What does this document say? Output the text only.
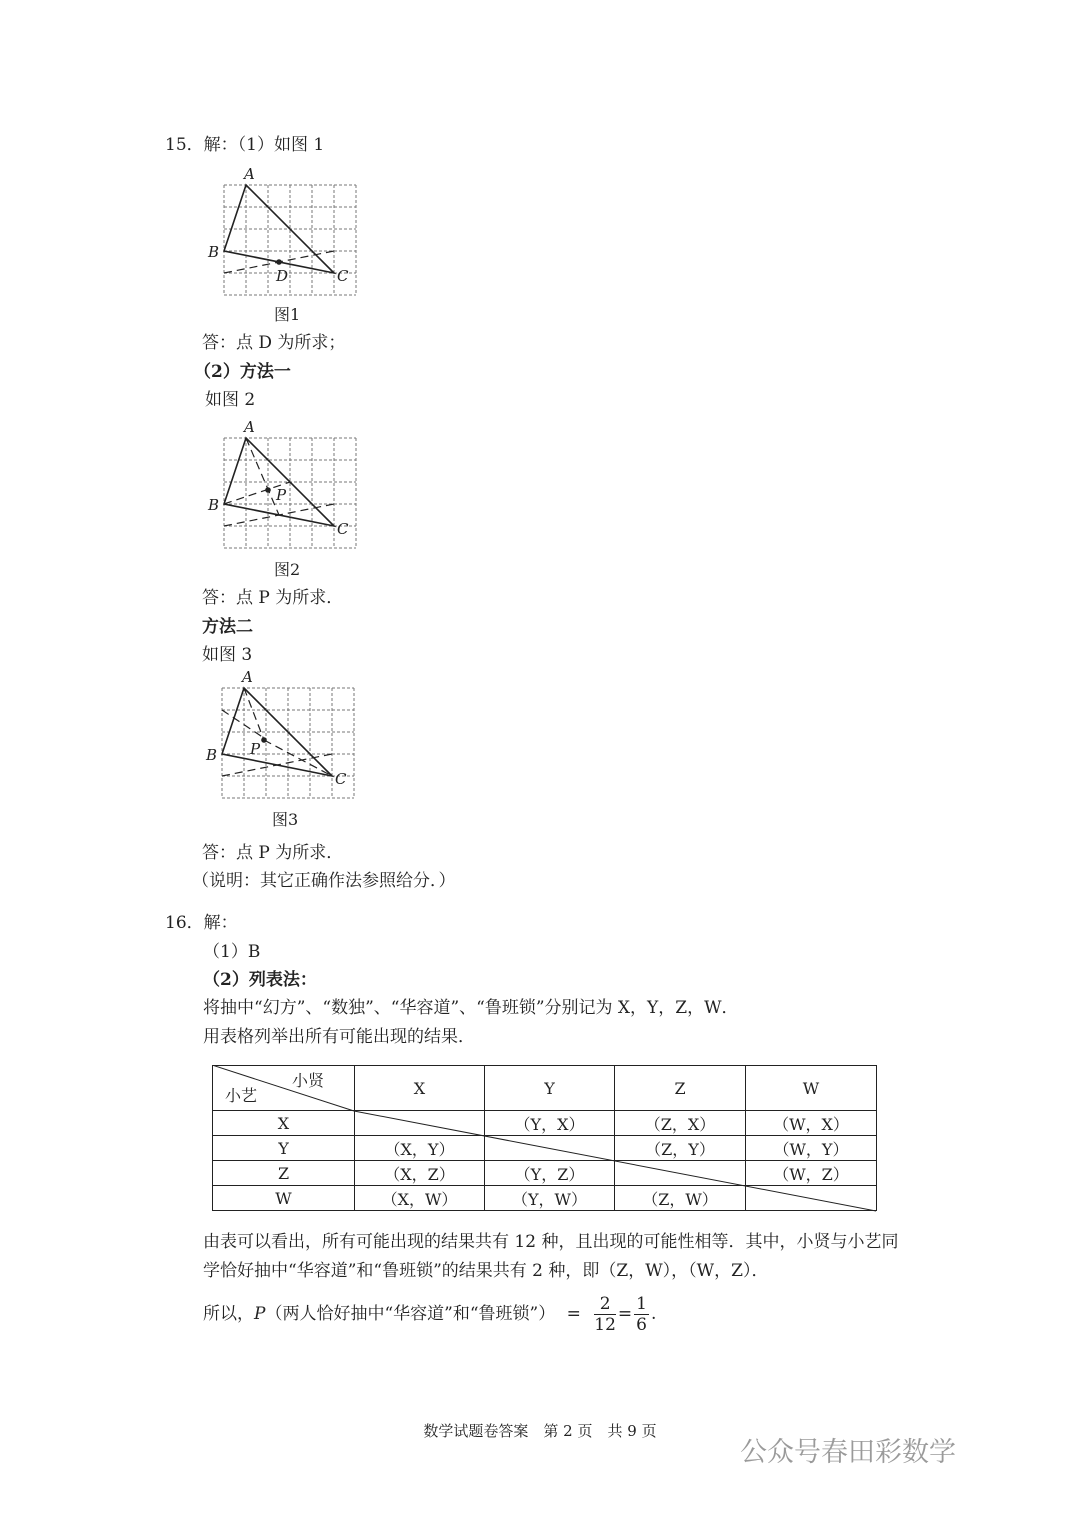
15．解：（1）如图 1
A
B
C
D
图1
答：点 D 为所求；
（2）方法一
如图 2
A
B
C
P
图2
答：点 P 为所求．
方法二
如图 3
A
B
C
P
图3
答：点 P 为所求．
（说明：其它正确作法参照给分．）
16．解：
（1）B
（2）列表法：
将抽中“幻方”、“数独”、“华容道”、“鲁班锁”分别记为 X，Y，Z，W．
用表格列举出所有可能出现的结果．
小贤
小艺	X	Y	Z	W
X		（Y，X）	（Z，X）	（W，X）
Y	（X，Y）		（Z，Y）	（W，Y）
Z	（X，Z）	（Y，Z）		（W，Z）
W	（X，W）	（Y，W）	（Z，W）	
由表可以看出，所有可能出现的结果共有 12 种，且出现的可能性相等．其中，小贤与小艺同
学恰好抽中“华容道”和“鲁班锁”的结果共有 2 种，即（Z，W），（W，Z）．
所以，P（两人恰好抽中“华容道”和“鲁班锁”） = $\frac{2}{12} = \frac{1}{6}$ .
数学试题卷答案　第 2 页　共 9 页
公众号春田彩数学
